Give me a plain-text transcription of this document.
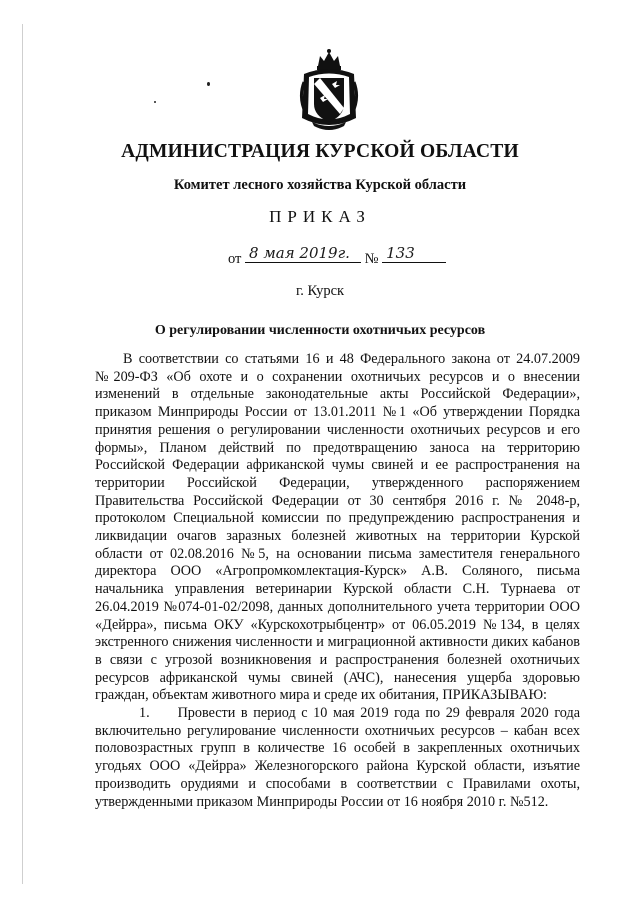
АДМИНИСТРАЦИЯ КУРСКОЙ ОБЛАСТИ
Комитет лесного хозяйства Курской области
ПРИКАЗ
от 8 мая 2019г. № 133
г. Курск
О регулировании численности охотничьих ресурсов

В соответствии со статьями 16 и 48 Федерального закона от 24.07.2009 №209-ФЗ «Об охоте и о сохранении охотничьих ресурсов и о внесении изменений в отдельные законодательные акты Российской Федерации», приказом Минприроды России от 13.01.2011 №1 «Об утверждении Порядка принятия решения о регулировании численности охотничьих ресурсов и его формы», Планом действий по предотвращению заноса на территорию Российской Федерации африканской чумы свиней и ее распространения на территории Российской Федерации, утвержденного распоряжением Правительства Российской Федерации от 30 сентября 2016 г. № 2048-р, протоколом Специальной комиссии по предупреждению распространения и ликвидации очагов заразных болезней животных на территории Курской области от 02.08.2016 №5, на основании письма заместителя генерального директора ООО «Агропромкомлектация-Курск» А.В. Соляного, письма начальника управления ветеринарии Курской области С.Н. Турнаева от 26.04.2019 №074-01-02/2098, данных дополнительного учета территории ООО «Дейрра», письма ОКУ «Курскохотрыбцентр» от 06.05.2019 №134, в целях экстренного снижения численности и миграционной активности диких кабанов в связи с угрозой возникновения и распространения болезней охотничьих ресурсов африканской чумы свиней (АЧС), нанесения ущерба здоровью граждан, объектам животного мира и среде их обитания, ПРИКАЗЫВАЮ:

1.     Провести в период с 10 мая 2019 года по 29 февраля 2020 года включительно регулирование численности охотничьих ресурсов – кабан всех половозрастных групп в количестве 16 особей в закрепленных охотничьих угодьях ООО «Дейрра» Железногорского района Курской области, изъятие производить орудиями и способами в соответствии с Правилами охоты, утвержденными приказом Минприроды России от 16 ноября 2010 г. №512.
